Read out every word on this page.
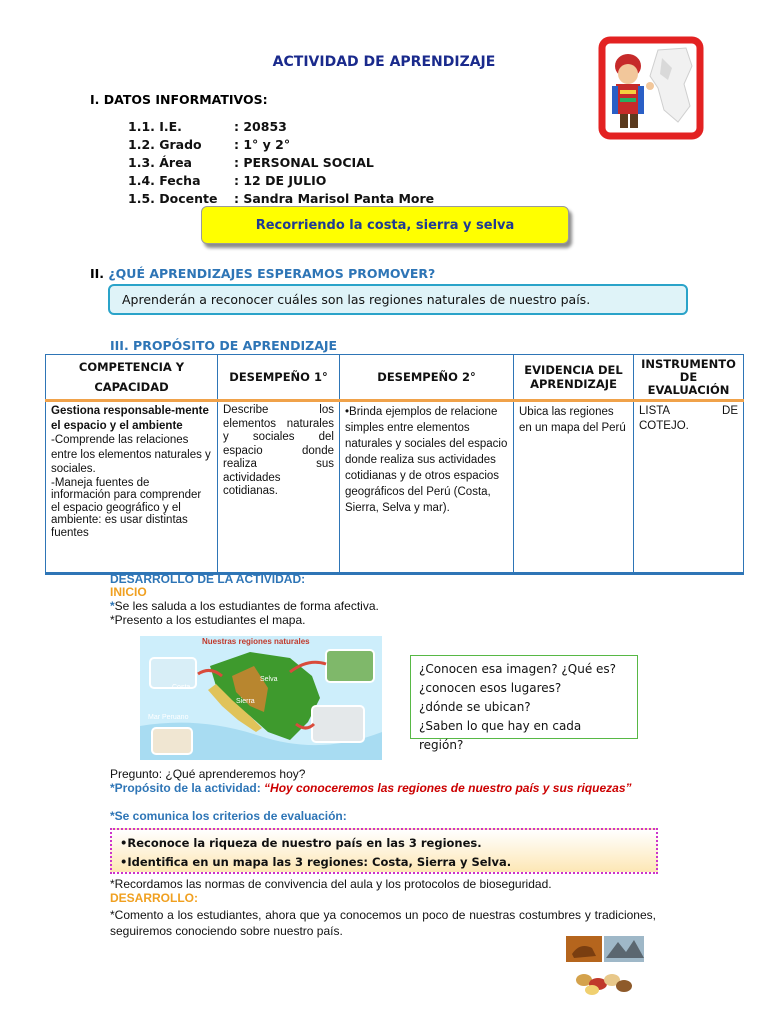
ACTIVIDAD DE APRENDIZAJE
I. DATOS INFORMATIVOS:
1.1. I.E.	: 20853
1.2. Grado	: 1° y 2°
1.3. Área	: PERSONAL SOCIAL
1.4. Fecha	: 12 DE JULIO
1.5. Docente	: Sandra Marisol Panta More
Recorriendo la costa, sierra y selva
II. ¿QUÉ APRENDIZAJES ESPERAMOS PROMOVER?
Aprenderán a reconocer cuáles son las regiones naturales de nuestro país.
III. PROPÓSITO DE APRENDIZAJE
COMPETENCIA Y CAPACIDAD	DESEMPEÑO 1°	DESEMPEÑO 2°	EVIDENCIA DEL APRENDIZAJE	INSTRUMENTO DE EVALUACIÓN

Gestiona responsable-mente el espacio y el ambiente
-Comprende las relaciones entre los elementos naturales y sociales.
-Maneja fuentes de información para comprender el espacio geográfico y el ambiente: es usar distintas fuentes	Describe los elementos naturales y sociales del espacio donde realiza sus actividades cotidianas.	•Brinda ejemplos de relacione simples entre elementos naturales y sociales del espacio donde realiza sus actividades cotidianas y de otros espacios geográficos del Perú (Costa, Sierra, Selva y mar).	Ubica las regiones en un mapa del Perú	LISTA DE COTEJO.
DESARROLLO DE LA ACTIVIDAD:
INICIO
*Se les saluda a los estudiantes de forma afectiva.
*Presento a los estudiantes el mapa.
Nuestras regiones naturales
Costa
Sierra
Selva
Mar Peruano
¿Conocen esa imagen? ¿Qué es?
¿conocen esos lugares?
¿dónde se ubican?
¿Saben lo que hay en cada región?
Pregunto: ¿Qué aprenderemos hoy?
*Propósito de la actividad: “Hoy conoceremos las regiones de nuestro país y sus riquezas”
*Se comunica los criterios de evaluación:
•Reconoce la riqueza de nuestro país en las 3 regiones.
•Identifica en un mapa las 3 regiones: Costa, Sierra y Selva.
*Recordamos las normas de convivencia del aula y los protocolos de bioseguridad.
DESARROLLO:
*Comento a los estudiantes, ahora que ya conocemos un poco de nuestras costumbres y tradiciones, seguiremos conociendo sobre nuestro país.
